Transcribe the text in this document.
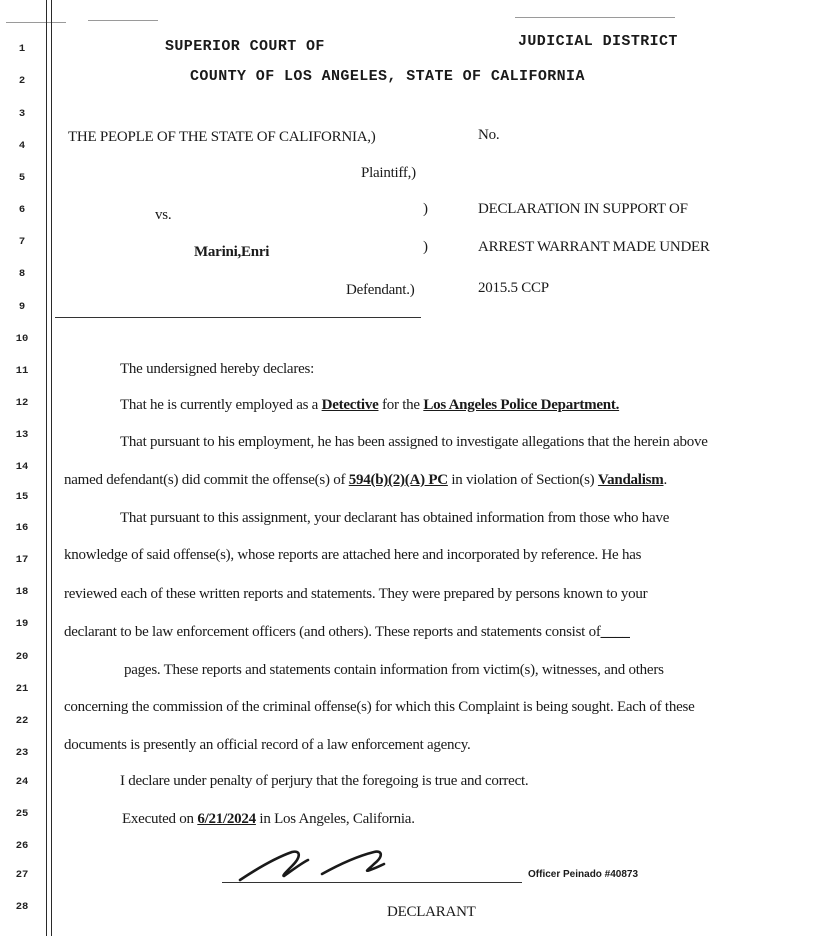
1
2
3
4
5
6
7
8
9
10
11
12
13
14
15
16
17
18
19
20
21
22
23
24
25
26
27
28
SUPERIOR COURT OF	JUDICIAL DISTRICT
COUNTY OF LOS ANGELES, STATE OF CALIFORNIA
THE PEOPLE OF THE STATE OF CALIFORNIA,)	No.
Plaintiff,)
vs.	)	DECLARATION IN SUPPORT OF
Marini,Enri	)	ARREST WARRANT MADE UNDER
Defendant.)	2015.5 CCP
The undersigned hereby declares:
That he is currently employed as a Detective for the Los Angeles Police Department.
That pursuant to his employment, he has been assigned to investigate allegations that the herein above
named defendant(s) did commit the offense(s) of 594(b)(2)(A) PC in violation of Section(s) Vandalism.
That pursuant to this assignment, your declarant has obtained information from those who have
knowledge of said offense(s), whose reports are attached here and incorporated by reference. He has
reviewed each of these written reports and statements. They were prepared by persons known to your
declarant to be law enforcement officers (and others). These reports and statements consist of____
pages. These reports and statements contain information from victim(s), witnesses, and others
concerning the commission of the criminal offense(s) for which this Complaint is being sought. Each of these
documents is presently an official record of a law enforcement agency.
I declare under penalty of perjury that the foregoing is true and correct.
Executed on 6/21/2024 in Los Angeles, California.
Officer Peinado #40873
DECLARANT
